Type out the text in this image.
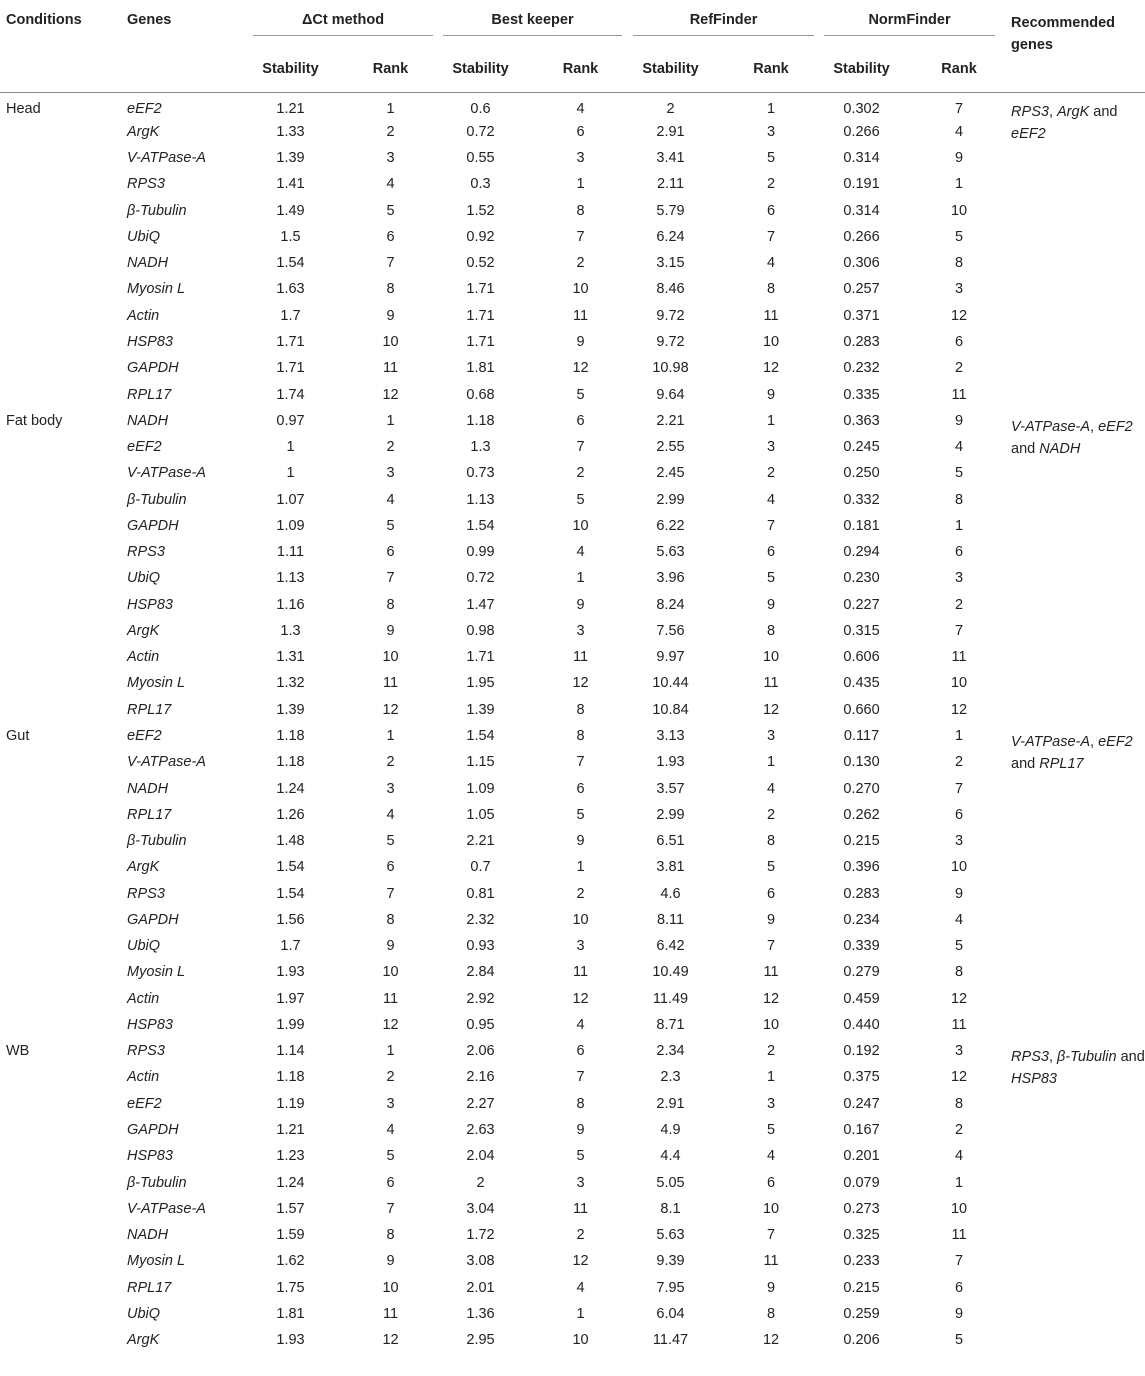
Conditions	Genes	ΔCt method		Best keeper		RefFinder		NormFinder		Recommended genes
		Stability	Rank	Stability	Rank	Stability	Rank	Stability	Rank	
Head	eEF2	1.21	1	0.6	4	2	1	0.302	7	RPS3, ArgK and eEF2
	ArgK	1.33	2	0.72	6	2.91	3	0.266	4	
	V-ATPase-A	1.39	3	0.55	3	3.41	5	0.314	9	
	RPS3	1.41	4	0.3	1	2.11	2	0.191	1	
	β-Tubulin	1.49	5	1.52	8	5.79	6	0.314	10	
	UbiQ	1.5	6	0.92	7	6.24	7	0.266	5	
	NADH	1.54	7	0.52	2	3.15	4	0.306	8	
	Myosin L	1.63	8	1.71	10	8.46	8	0.257	3	
	Actin	1.7	9	1.71	11	9.72	11	0.371	12	
	HSP83	1.71	10	1.71	9	9.72	10	0.283	6	
	GAPDH	1.71	11	1.81	12	10.98	12	0.232	2	
	RPL17	1.74	12	0.68	5	9.64	9	0.335	11	
Fat body	NADH	0.97	1	1.18	6	2.21	1	0.363	9	V-ATPase-A, eEF2 and NADH
	eEF2	1	2	1.3	7	2.55	3	0.245	4	
	V-ATPase-A	1	3	0.73	2	2.45	2	0.250	5	
	β-Tubulin	1.07	4	1.13	5	2.99	4	0.332	8	
	GAPDH	1.09	5	1.54	10	6.22	7	0.181	1	
	RPS3	1.11	6	0.99	4	5.63	6	0.294	6	
	UbiQ	1.13	7	0.72	1	3.96	5	0.230	3	
	HSP83	1.16	8	1.47	9	8.24	9	0.227	2	
	ArgK	1.3	9	0.98	3	7.56	8	0.315	7	
	Actin	1.31	10	1.71	11	9.97	10	0.606	11	
	Myosin L	1.32	11	1.95	12	10.44	11	0.435	10	
	RPL17	1.39	12	1.39	8	10.84	12	0.660	12	
Gut	eEF2	1.18	1	1.54	8	3.13	3	0.117	1	V-ATPase-A, eEF2 and RPL17
	V-ATPase-A	1.18	2	1.15	7	1.93	1	0.130	2	
	NADH	1.24	3	1.09	6	3.57	4	0.270	7	
	RPL17	1.26	4	1.05	5	2.99	2	0.262	6	
	β-Tubulin	1.48	5	2.21	9	6.51	8	0.215	3	
	ArgK	1.54	6	0.7	1	3.81	5	0.396	10	
	RPS3	1.54	7	0.81	2	4.6	6	0.283	9	
	GAPDH	1.56	8	2.32	10	8.11	9	0.234	4	
	UbiQ	1.7	9	0.93	3	6.42	7	0.339	5	
	Myosin L	1.93	10	2.84	11	10.49	11	0.279	8	
	Actin	1.97	11	2.92	12	11.49	12	0.459	12	
	HSP83	1.99	12	0.95	4	8.71	10	0.440	11	
WB	RPS3	1.14	1	2.06	6	2.34	2	0.192	3	RPS3, β-Tubulin and HSP83
	Actin	1.18	2	2.16	7	2.3	1	0.375	12	
	eEF2	1.19	3	2.27	8	2.91	3	0.247	8	
	GAPDH	1.21	4	2.63	9	4.9	5	0.167	2	
	HSP83	1.23	5	2.04	5	4.4	4	0.201	4	
	β-Tubulin	1.24	6	2	3	5.05	6	0.079	1	
	V-ATPase-A	1.57	7	3.04	11	8.1	10	0.273	10	
	NADH	1.59	8	1.72	2	5.63	7	0.325	11	
	Myosin L	1.62	9	3.08	12	9.39	11	0.233	7	
	RPL17	1.75	10	2.01	4	7.95	9	0.215	6	
	UbiQ	1.81	11	1.36	1	6.04	8	0.259	9	
	ArgK	1.93	12	2.95	10	11.47	12	0.206	5	
